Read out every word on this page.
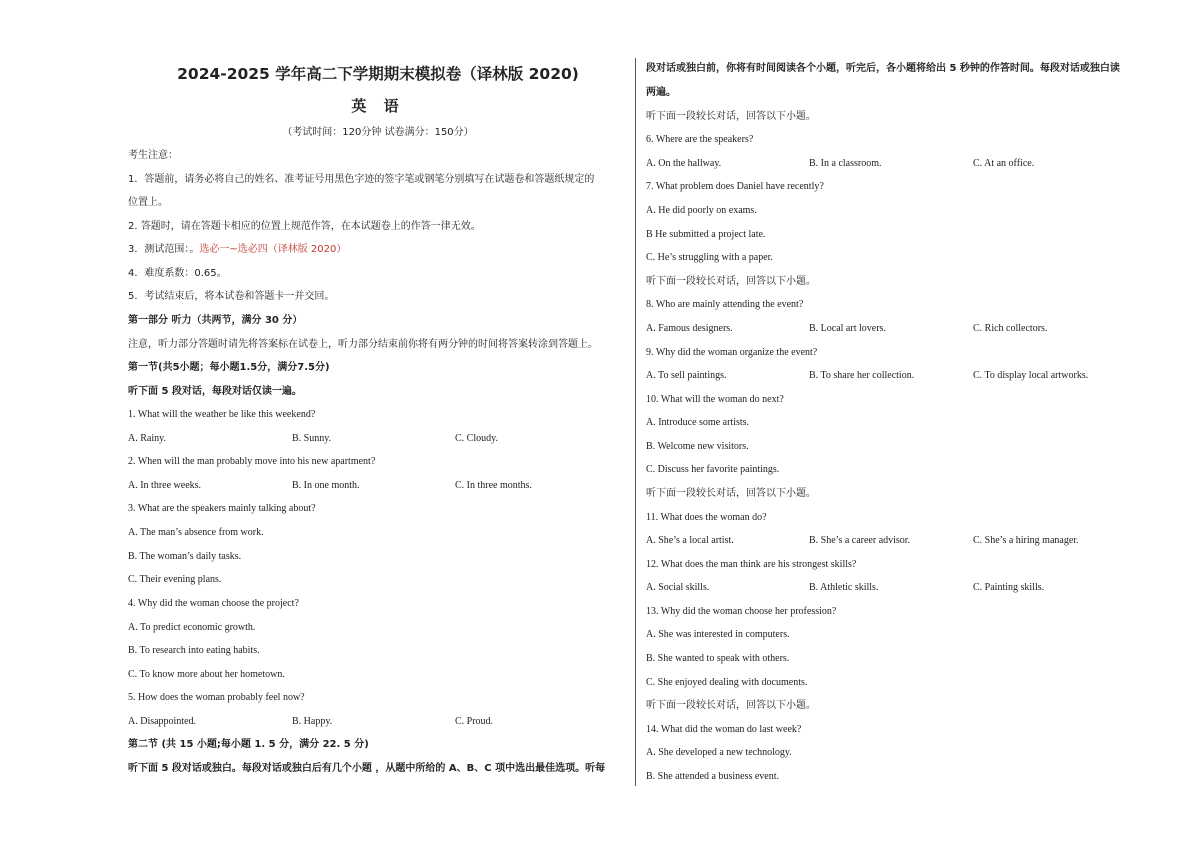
2024-2025 学年高二下学期期末模拟卷（译林版 2020)
英 语
（考试时间：120分钟 试卷满分：150分）
考生注意：
1．答题前，请务必将自己的姓名、准考证号用黑色字迹的签字笔或钢笔分别填写在试题卷和答题纸规定的
位置上。
2. 答题时，请在答题卡相应的位置上规范作答，在本试题卷上的作答一律无效。
3．测试范围：。选必一~选必四（译林版 2020）
4．难度系数：0.65。
5．考试结束后，将本试卷和答题卡一并交回。
第一部分 听力（共两节，满分 30 分）
注意，听力部分答题时请先将答案标在试卷上，听力部分结束前你将有两分钟的时间将答案转涂到答题上。
第一节(共5小题；每小题1.5分，满分7.5分)
听下面 5 段对话，每段对话仅读一遍。
1. What will the weather be like this weekend?
A. Rainy.	B. Sunny.	C. Cloudy.
2. When will the man probably move into his new apartment?
A. In three weeks.	B. In one month.	C. In three months.
3. What are the speakers mainly talking about?
A. The man’s absence from work.
B. The woman’s daily tasks.
C. Their evening plans.
4. Why did the woman choose the project?
A. To predict economic growth.
B. To research into eating habits.
C. To know more about her hometown.
5. How does the woman probably feel now?
A. Disappointed.	B. Happy.	C. Proud.
第二节 (共 15 小题;每小题 1. 5 分，满分 22. 5 分)
听下面 5 段对话或独白。每段对话或独白后有几个小题 ，从题中所给的 A、B、C 项中选出最佳选项。听每
段对话或独白前，你将有时间阅读各个小题，听完后，各小题将给出 5 秒钟的作答时间。每段对话或独白读
两遍。
听下面一段较长对话，回答以下小题。
6. Where are the speakers?
A. On the hallway.	B. In a classroom.	C. At an office.
7. What problem does Daniel have recently?
A. He did poorly on exams.
B He submitted a project late.
C. He’s struggling with a paper.
听下面一段较长对话，回答以下小题。
8. Who are mainly attending the event?
A. Famous designers.	B. Local art lovers.	C. Rich collectors.
9. Why did the woman organize the event?
A. To sell paintings.	B. To share her collection.	C. To display local artworks.
10. What will the woman do next?
A. Introduce some artists.
B. Welcome new visitors.
C. Discuss her favorite paintings.
听下面一段较长对话，回答以下小题。
11. What does the woman do?
A. She’s a local artist.	B. She’s a career advisor.	C. She’s a hiring manager.
12. What does the man think are his strongest skills?
A. Social skills.	B. Athletic skills.	C. Painting skills.
13. Why did the woman choose her profession?
A. She was interested in computers.
B. She wanted to speak with others.
C. She enjoyed dealing with documents.
听下面一段较长对话，回答以下小题。
14. What did the woman do last week?
A. She developed a new technology.
B. She attended a business event.
